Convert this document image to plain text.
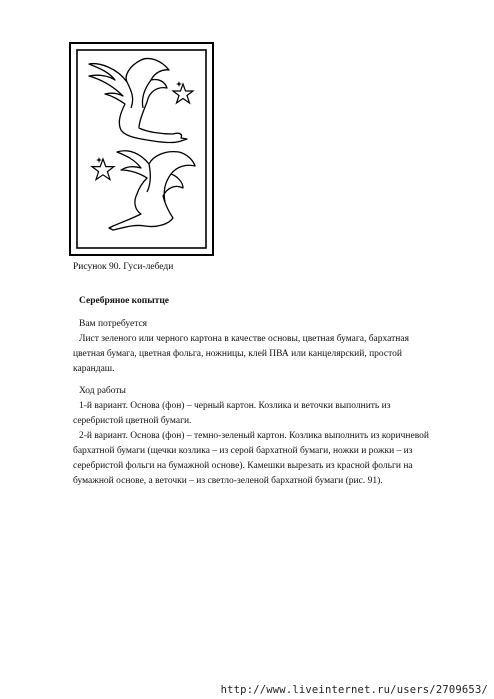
Рисунок 90. Гуси-лебеди
Серебряное копытце

Вам потребуется
Лист зеленого или черного картона в качестве основы, цветная бумага, бархатная
цветная бумага, цветная фольга, ножницы, клей ПВА или канцелярский, простой
карандаш.

Ход работы
1-й вариант. Основа (фон) – черный картон. Козлика и веточки выполнить из
серебристой цветной бумаги.
2-й вариант. Основа (фон) – темно-зеленый картон. Козлика выполнить из коричневой
бархатной бумаги (щечки козлика – из серой бархатной бумаги, ножки и рожки – из
серебристой фольги на бумажной основе). Камешки вырезать из красной фольги на
бумажной основе, а веточки – из светло-зеленой бархатной бумаги (рис. 91).

http://www.liveinternet.ru/users/2709653/
